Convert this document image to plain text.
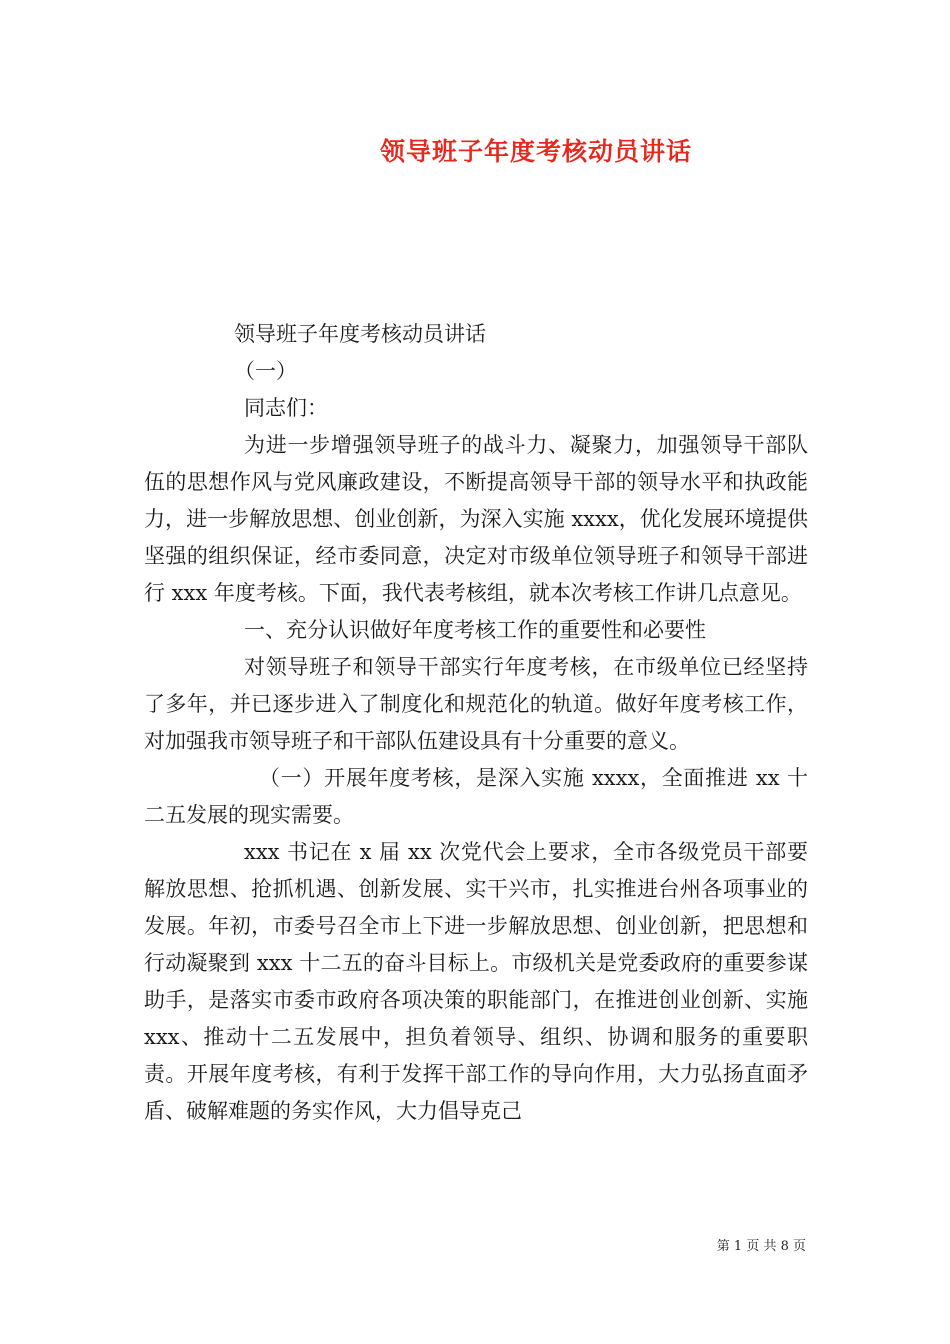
领导班子年度考核动员讲话

领导班子年度考核动员讲话

（一）

同志们：

为进一步增强领导班子的战斗力、凝聚力，加强领导干部队伍的思想作风与党风廉政建设，不断提高领导干部的领导水平和执政能力，进一步解放思想、创业创新，为深入实施 xxxx，优化发展环境提供坚强的组织保证，经市委同意，决定对市级单位领导班子和领导干部进行 xxx 年度考核。下面，我代表考核组，就本次考核工作讲几点意见。

一、充分认识做好年度考核工作的重要性和必要性

对领导班子和领导干部实行年度考核，在市级单位已经坚持了多年，并已逐步进入了制度化和规范化的轨道。做好年度考核工作，对加强我市领导班子和干部队伍建设具有十分重要的意义。

（一）开展年度考核，是深入实施 xxxx，全面推进 xx 十二五发展的现实需要。

xxx 书记在 x 届 xx 次党代会上要求，全市各级党员干部要解放思想、抢抓机遇、创新发展、实干兴市，扎实推进台州各项事业的发展。年初，市委号召全市上下进一步解放思想、创业创新，把思想和行动凝聚到 xxx 十二五的奋斗目标上。市级机关是党委政府的重要参谋助手，是落实市委市政府各项决策的职能部门，在推进创业创新、实施 xxx、推动十二五发展中，担负着领导、组织、协调和服务的重要职责。开展年度考核，有利于发挥干部工作的导向作用，大力弘扬直面矛盾、破解难题的务实作风，大力倡导克己

第 1 页 共 8 页
